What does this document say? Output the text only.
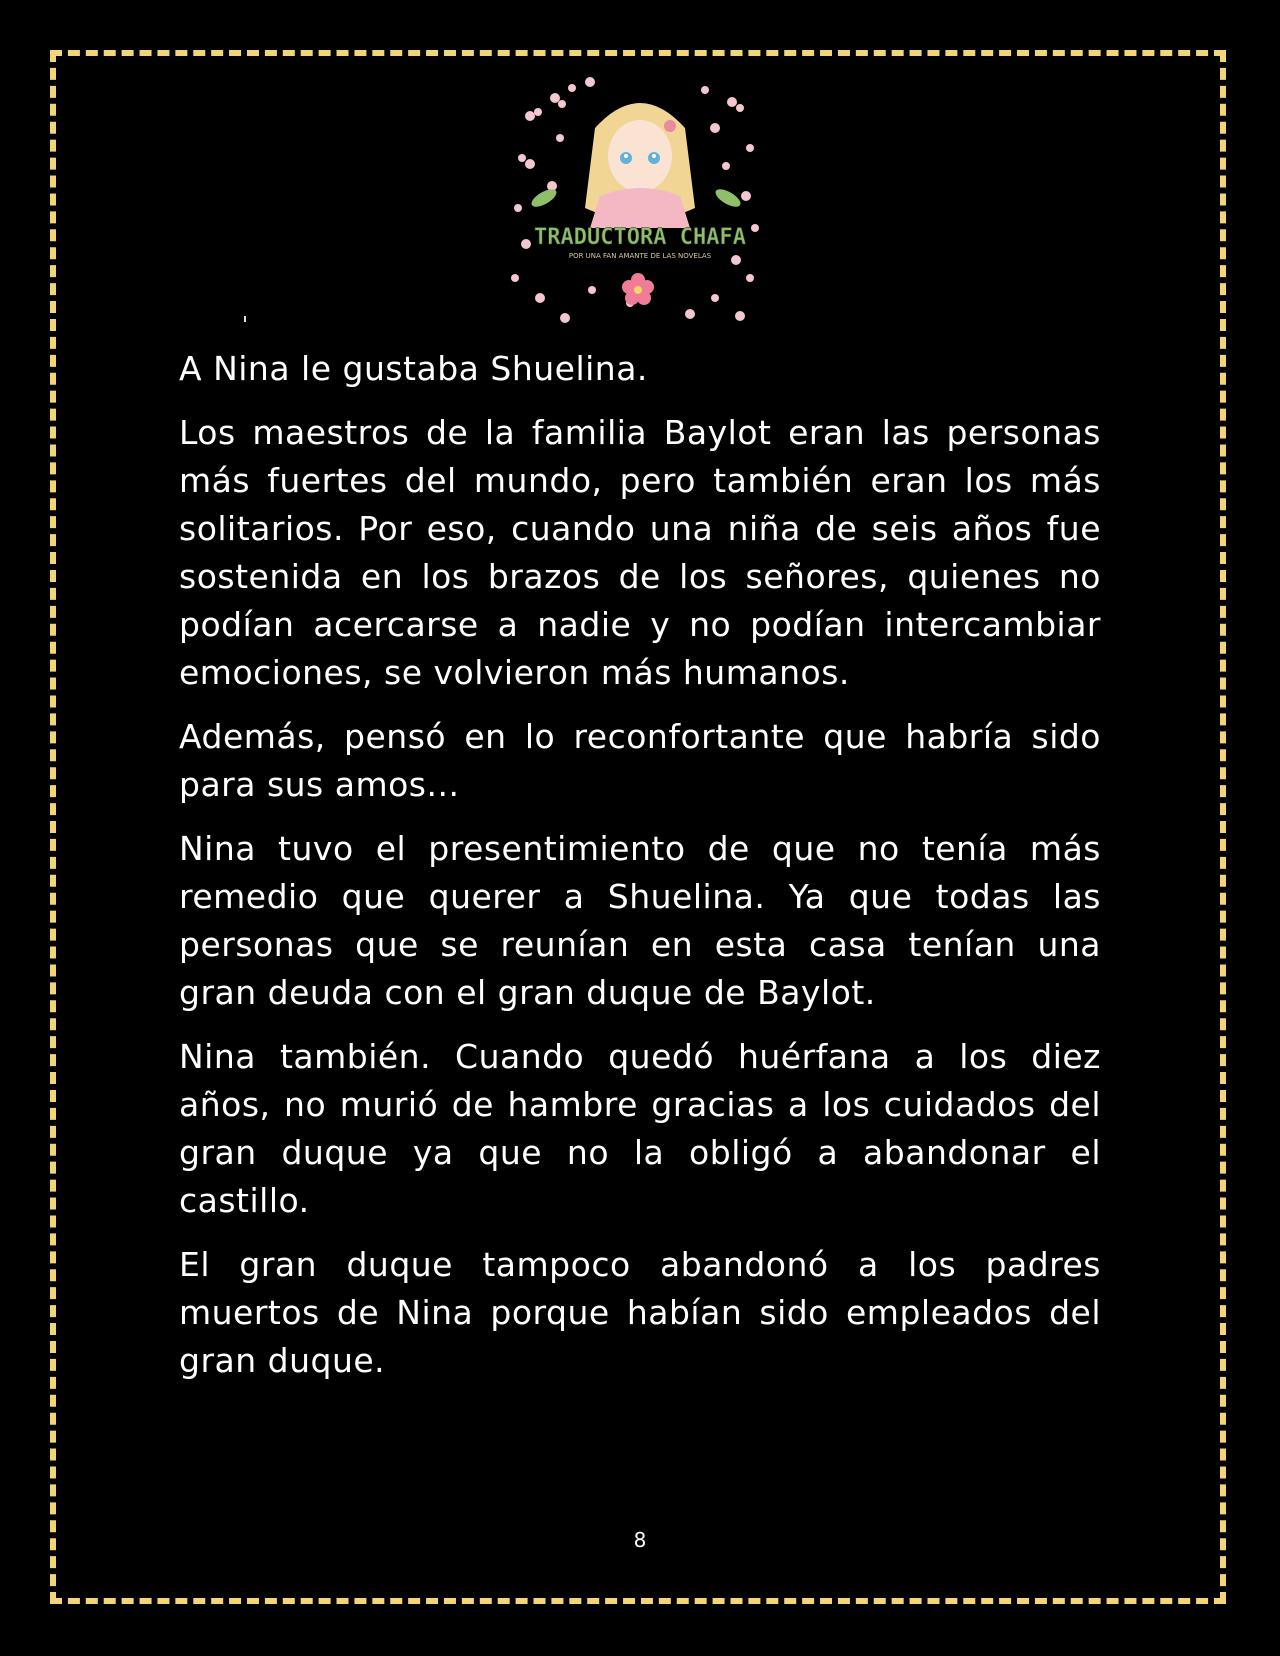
TRADUCTORA CHAFA
POR UNA FAN AMANTE DE LAS NOVELAS

A Nina le gustaba Shuelina.

Los maestros de la familia Baylot eran las personas más fuertes del mundo, pero también eran los más solitarios. Por eso, cuando una niña de seis años fue sostenida en los brazos de los señores, quienes no podían acercarse a nadie y no podían intercambiar emociones, se volvieron más humanos.

Además, pensó en lo reconfortante que habría sido para sus amos...

Nina tuvo el presentimiento de que no tenía más remedio que querer a Shuelina. Ya que todas las personas que se reunían en esta casa tenían una gran deuda con el gran duque de Baylot.

Nina también. Cuando quedó huérfana a los diez años, no murió de hambre gracias a los cuidados del gran duque ya que no la obligó a abandonar el castillo.

El gran duque tampoco abandonó a los padres muertos de Nina porque habían sido empleados del gran duque.

8
